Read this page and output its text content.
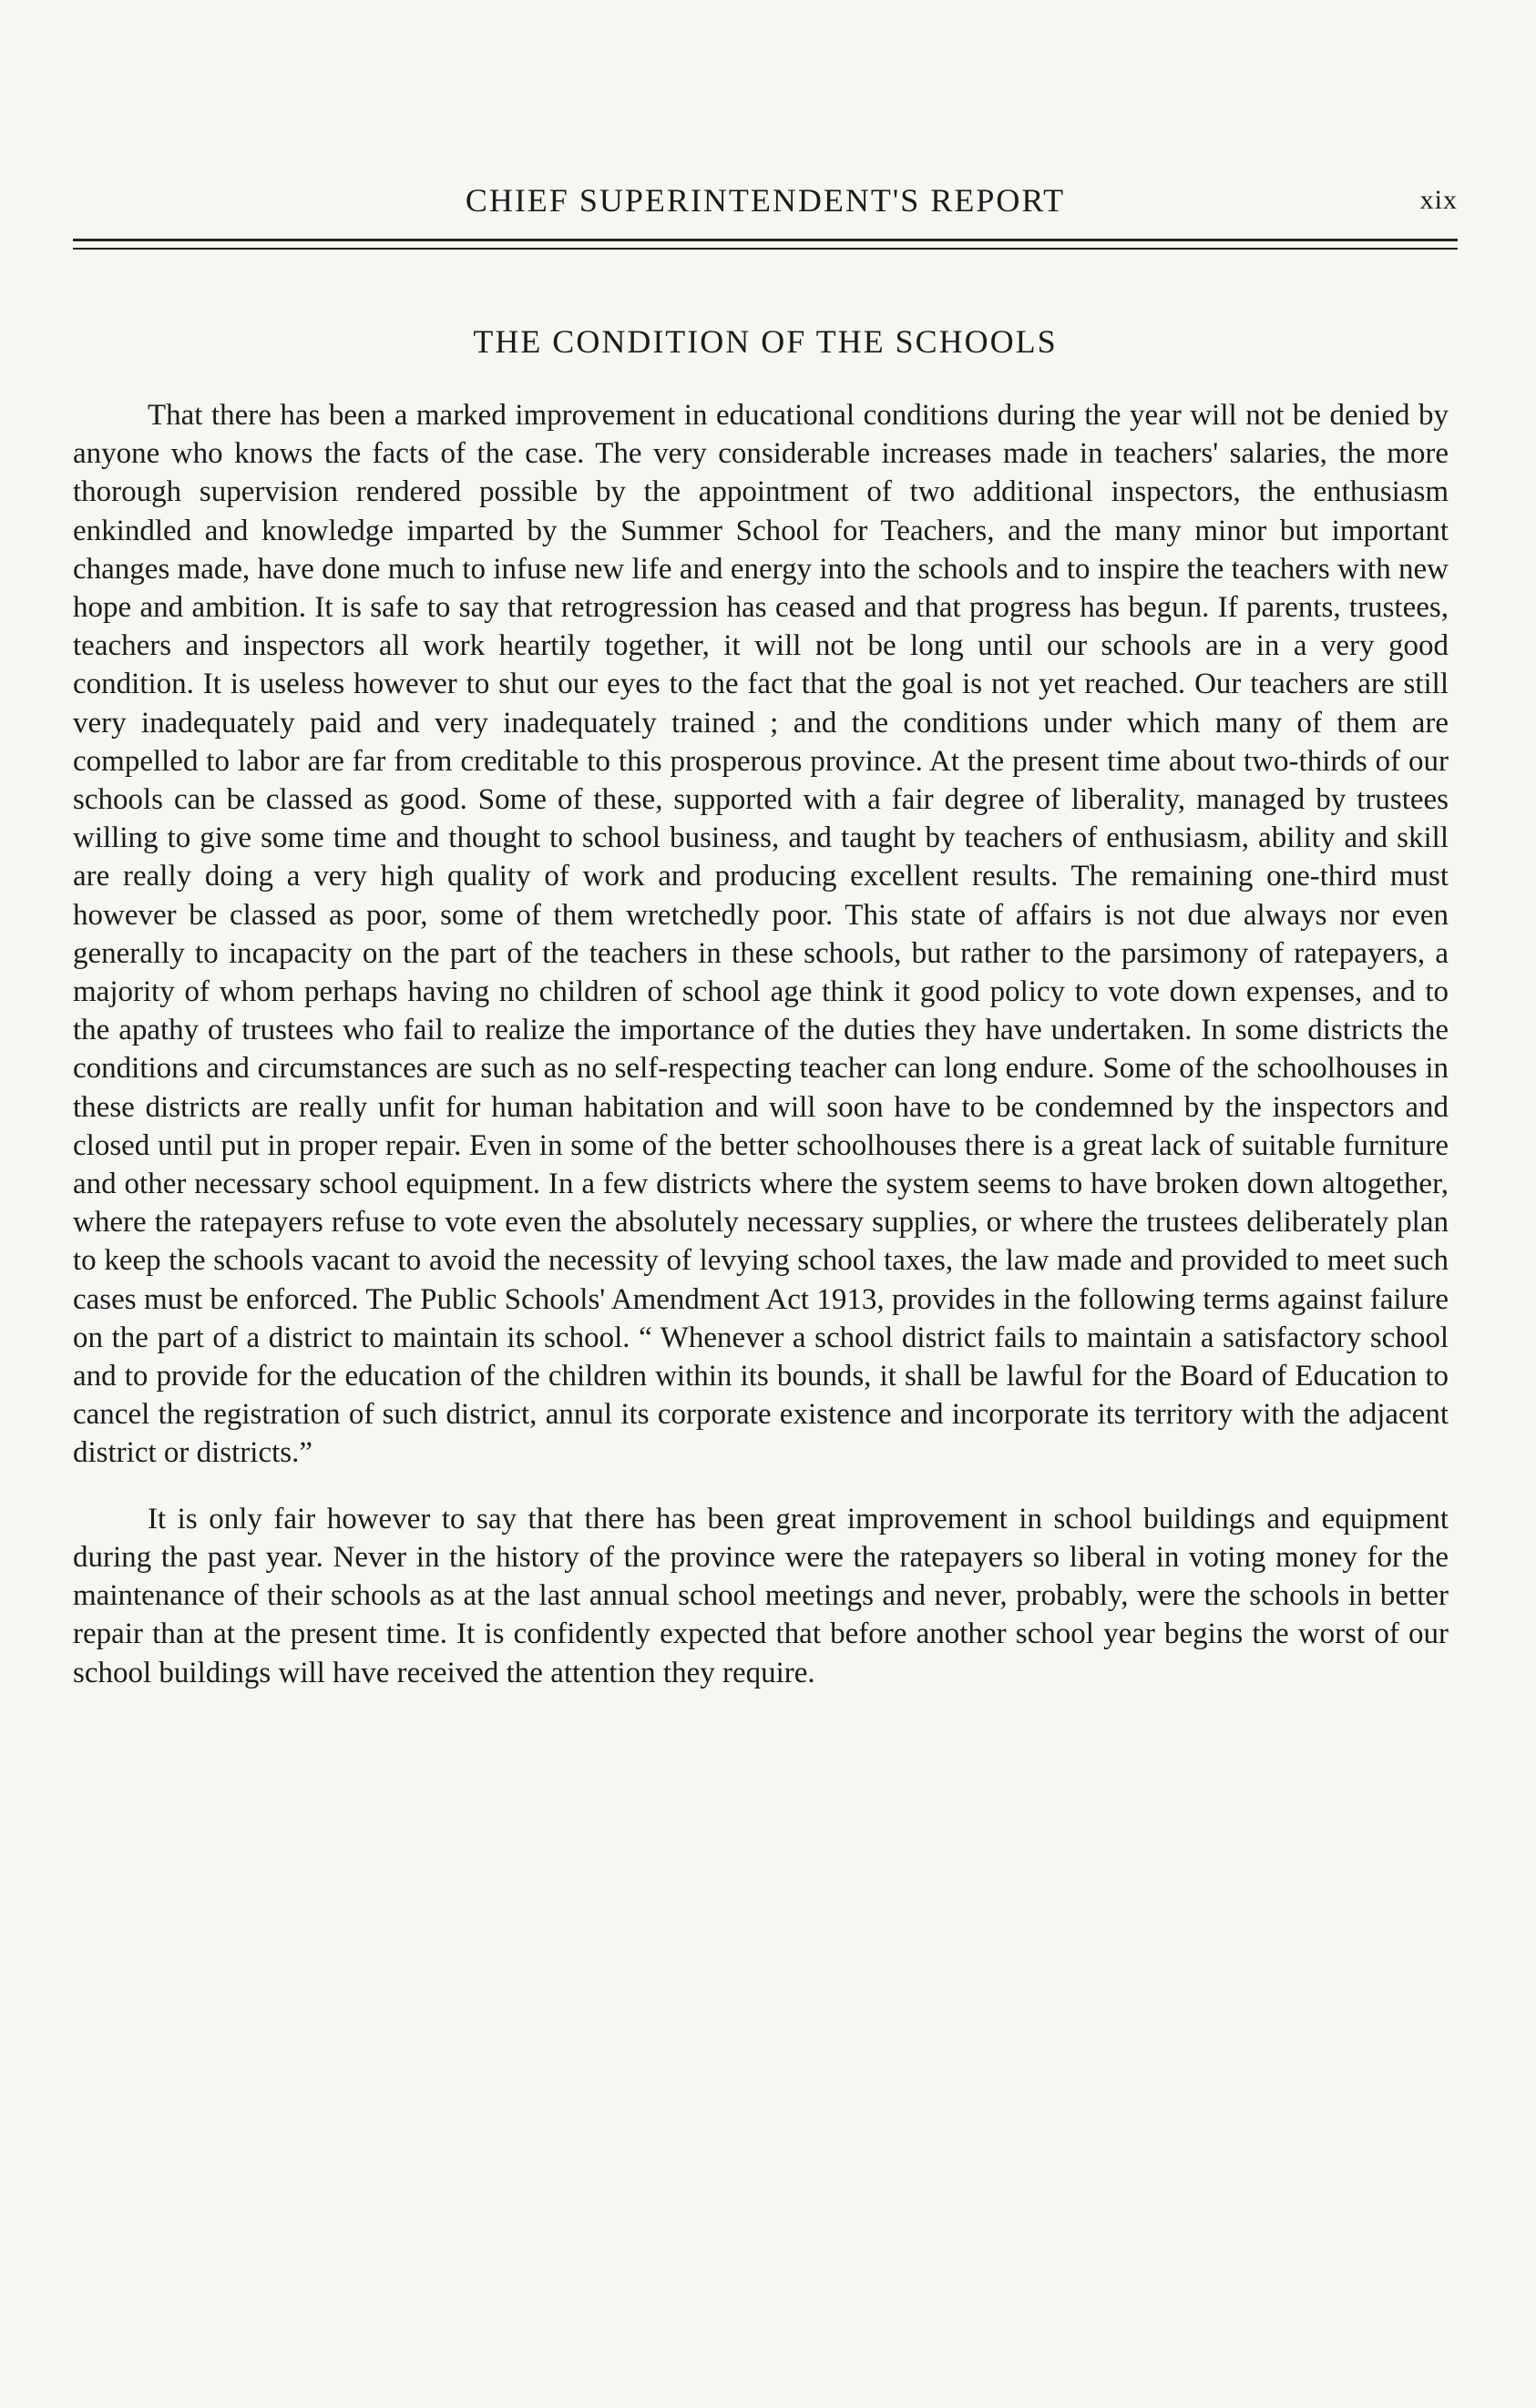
CHIEF SUPERINTENDENT'S REPORT	xix
THE CONDITION OF THE SCHOOLS

That there has been a marked improvement in educational conditions during the year will not be denied by anyone who knows the facts of the case. The very considerable increases made in teachers' salaries, the more thorough supervision rendered possible by the appointment of two additional inspectors, the enthusiasm enkindled and knowledge imparted by the Summer School for Teachers, and the many minor but important changes made, have done much to infuse new life and energy into the schools and to inspire the teachers with new hope and ambition. It is safe to say that retrogression has ceased and that progress has begun. If parents, trustees, teachers and inspectors all work heartily together, it will not be long until our schools are in a very good condition. It is useless however to shut our eyes to the fact that the goal is not yet reached. Our teachers are still very inadequately paid and very inadequately trained ; and the conditions under which many of them are compelled to labor are far from creditable to this prosperous province. At the present time about two-thirds of our schools can be classed as good. Some of these, supported with a fair degree of liberality, managed by trustees willing to give some time and thought to school business, and taught by teachers of enthusiasm, ability and skill are really doing a very high quality of work and producing excellent results. The remaining one-third must however be classed as poor, some of them wretchedly poor. This state of affairs is not due always nor even generally to incapacity on the part of the teachers in these schools, but rather to the parsimony of ratepayers, a majority of whom perhaps having no children of school age think it good policy to vote down expenses, and to the apathy of trustees who fail to realize the importance of the duties they have undertaken. In some districts the conditions and circumstances are such as no self-respecting teacher can long endure. Some of the schoolhouses in these districts are really unfit for human habitation and will soon have to be condemned by the inspectors and closed until put in proper repair. Even in some of the better schoolhouses there is a great lack of suitable furniture and other necessary school equipment. In a few districts where the system seems to have broken down altogether, where the ratepayers refuse to vote even the absolutely necessary supplies, or where the trustees deliberately plan to keep the schools vacant to avoid the necessity of levying school taxes, the law made and provided to meet such cases must be enforced. The Public Schools' Amendment Act 1913, provides in the following terms against failure on the part of a district to maintain its school. “ Whenever a school district fails to maintain a satisfactory school and to provide for the education of the children within its bounds, it shall be lawful for the Board of Education to cancel the registration of such district, annul its corporate existence and incorporate its territory with the adjacent district or districts.”

It is only fair however to say that there has been great improvement in school buildings and equipment during the past year. Never in the history of the province were the ratepayers so liberal in voting money for the maintenance of their schools as at the last annual school meetings and never, probably, were the schools in better repair than at the present time. It is confidently expected that before another school year begins the worst of our school buildings will have received the attention they require.
